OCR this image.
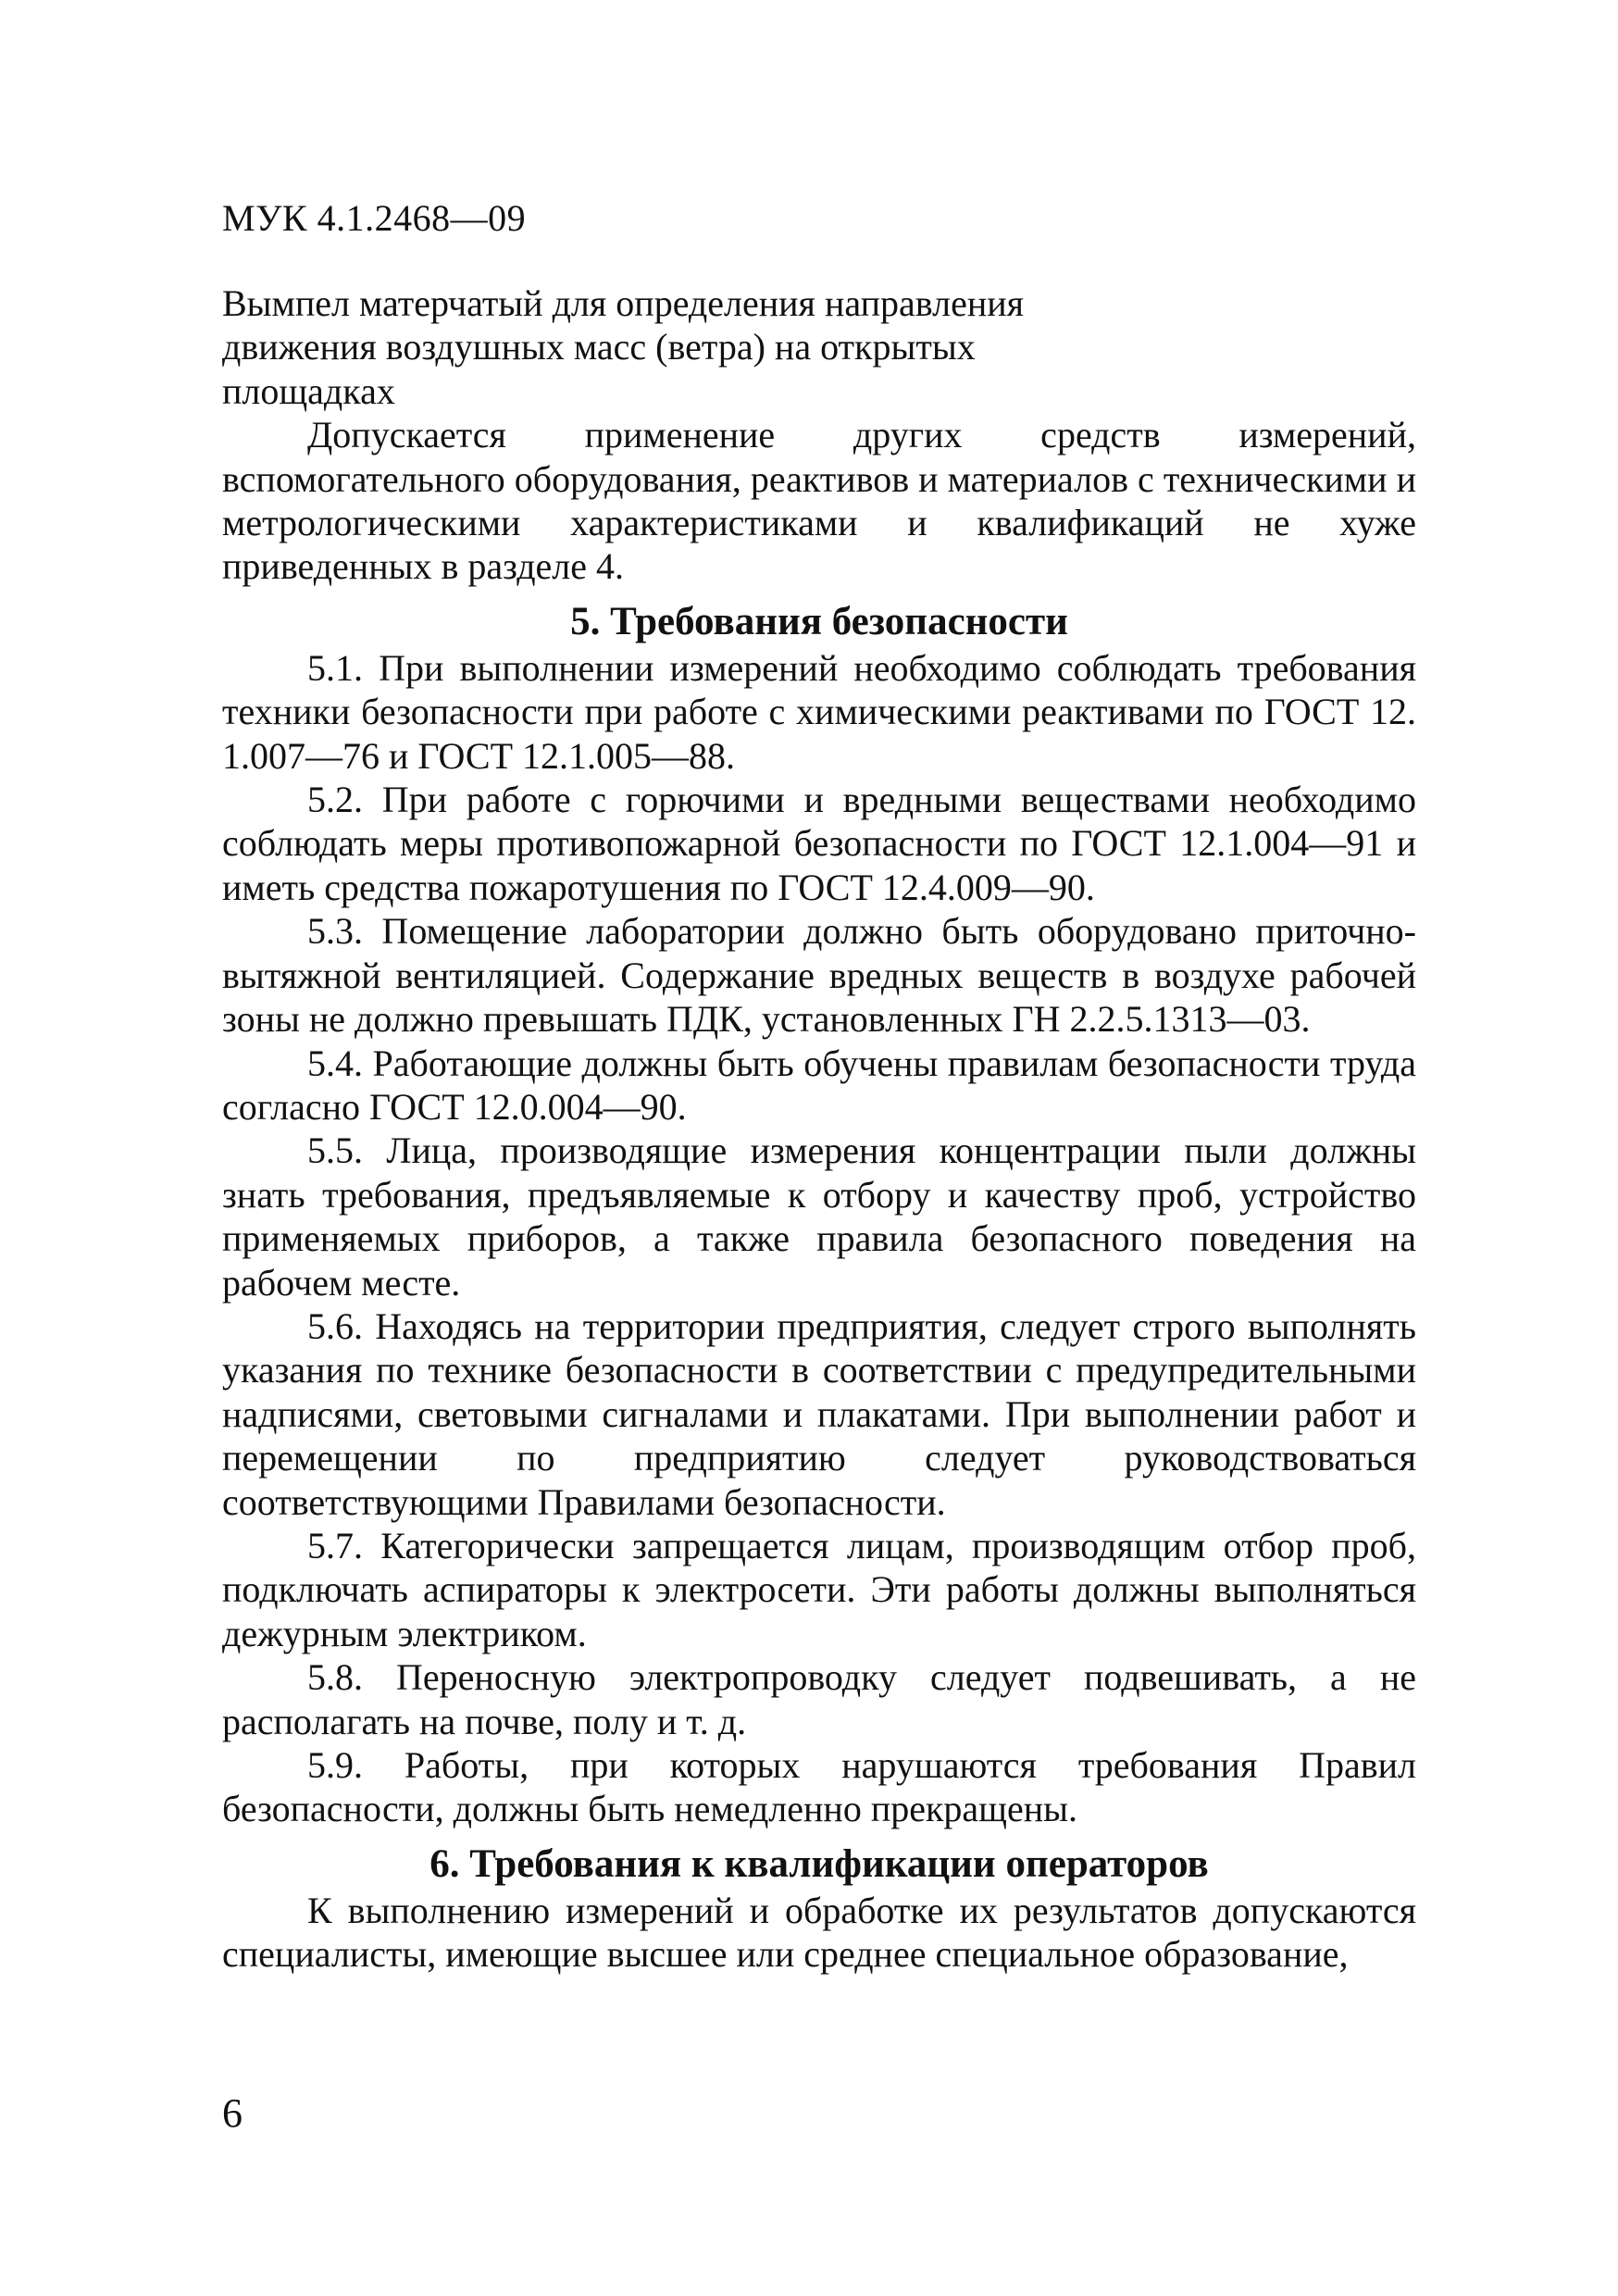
МУК 4.1.2468—09

Вымпел матерчатый для определения направления движения воздушных масс (ветра) на открытых площадках

Допускается применение других средств измерений, вспомогательного оборудования, реактивов и материалов с техническими и метрологическими характеристиками и квалификаций не хуже приведенных в разделе 4.

5. Требования безопасности

5.1. При выполнении измерений необходимо соблюдать требования техники безопасности при работе с химическими реактивами по ГОСТ 12. 1.007—76 и ГОСТ 12.1.005—88.

5.2. При работе с горючими и вредными веществами необходимо соблюдать меры противопожарной безопасности по ГОСТ 12.1.004—91 и иметь средства пожаротушения по ГОСТ 12.4.009—90.

5.3. Помещение лаборатории должно быть оборудовано приточно-вытяжной вентиляцией. Содержание вредных веществ в воздухе рабочей зоны не должно превышать ПДК, установленных ГН 2.2.5.1313—03.

5.4. Работающие должны быть обучены правилам безопасности труда согласно ГОСТ 12.0.004—90.

5.5. Лица, производящие измерения концентрации пыли должны знать требования, предъявляемые к отбору и качеству проб, устройство применяемых приборов, а также правила безопасного поведения на рабочем месте.

5.6. Находясь на территории предприятия, следует строго выполнять указания по технике безопасности в соответствии с предупредительными надписями, световыми сигналами и плакатами. При выполнении работ и перемещении по предприятию следует руководствоваться соответствующими Правилами безопасности.

5.7. Категорически запрещается лицам, производящим отбор проб, подключать аспираторы к электросети. Эти работы должны выполняться дежурным электриком.

5.8. Переносную электропроводку следует подвешивать, а не располагать на почве, полу и т. д.

5.9. Работы, при которых нарушаются требования Правил безопасности, должны быть немедленно прекращены.

6. Требования к квалификации операторов

К выполнению измерений и обработке их результатов допускаются специалисты, имеющие высшее или среднее специальное образование,

6
